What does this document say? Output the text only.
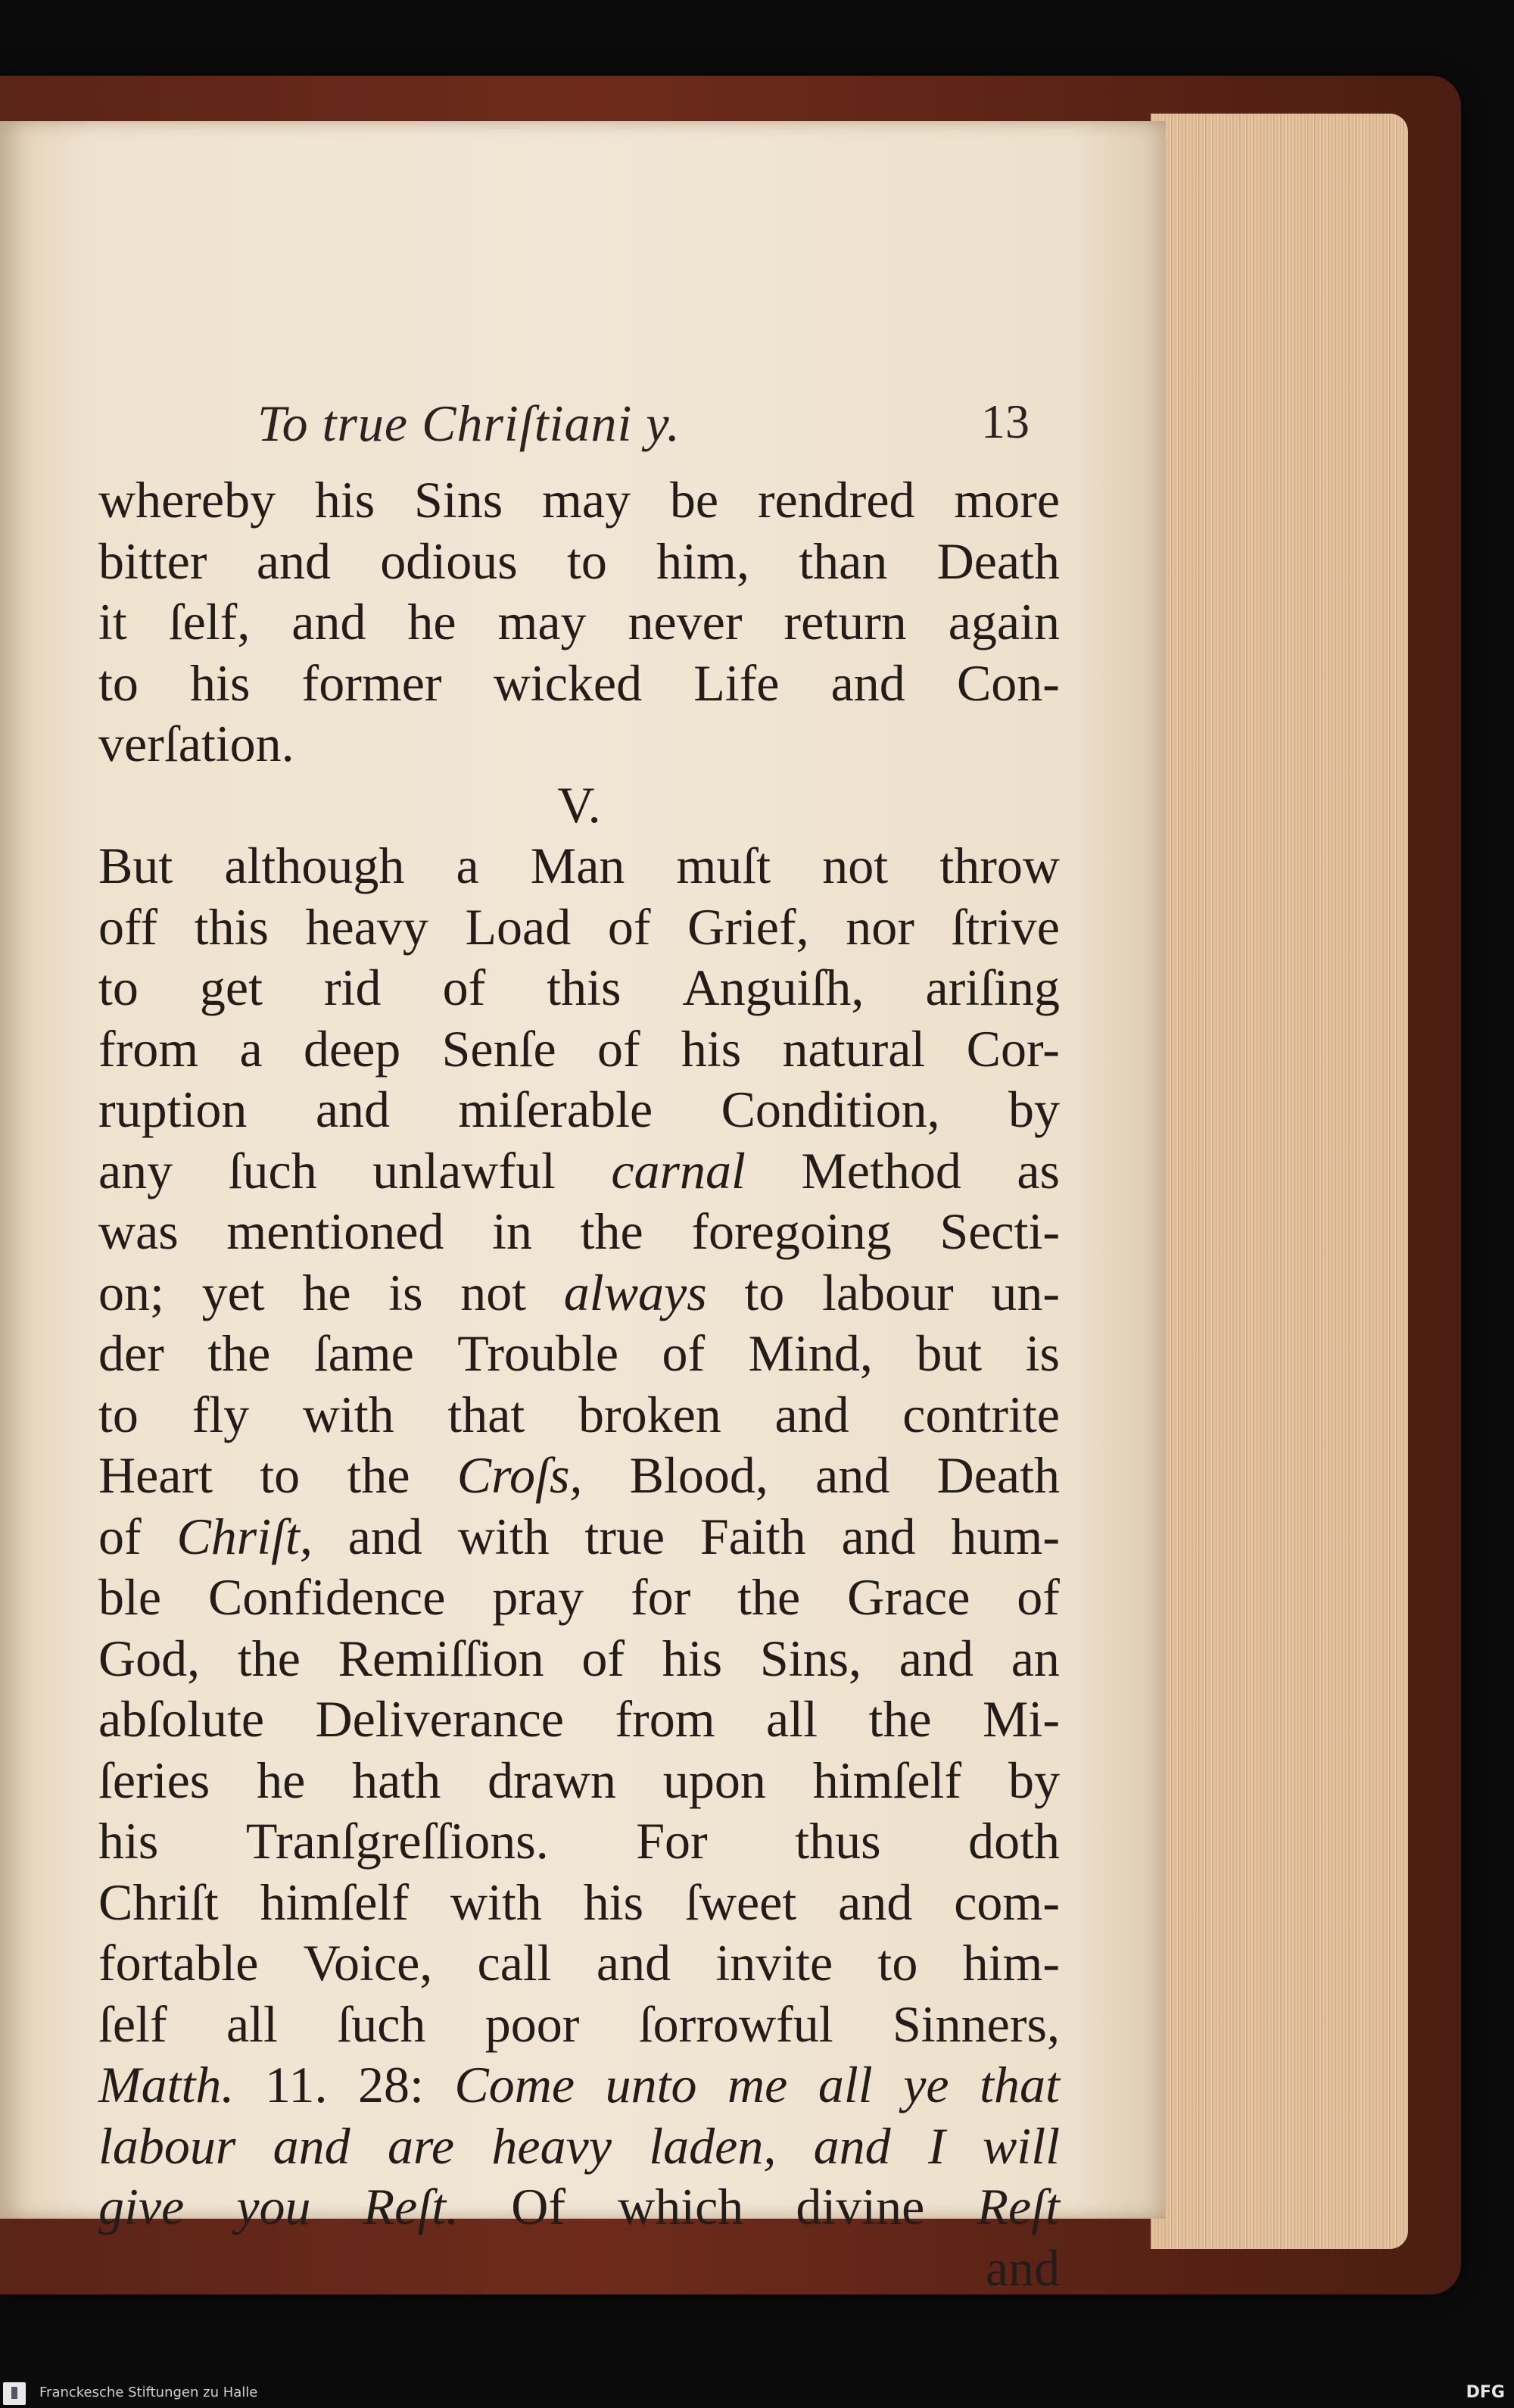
To true Chriſtiani y.	13
whereby his Sins may be rendred more
bitter and odious to him, than Death
it ſelf, and he may never return again
to his former wicked Life and Con-
verſation.
V.
But although a Man muſt not throw
off this heavy Load of Grief, nor ſtrive
to get rid of this Anguiſh, ariſing
from a deep Senſe of his natural Cor-
ruption and miſerable Condition, by
any ſuch unlawful carnal Method as
was mentioned in the foregoing Secti-
on; yet he is not always to labour un-
der the ſame Trouble of Mind, but is
to fly with that broken and contrite
Heart to the Croſs, Blood, and Death
of Chriſt, and with true Faith and hum-
ble Confidence pray for the Grace of
God, the Remiſſion of his Sins, and an
abſolute Deliverance from all the Mi-
ſeries he hath drawn upon himſelf by
his Tranſgreſſions. For thus doth
Chriſt himſelf with his ſweet and com-
fortable Voice, call and invite to him-
ſelf all ſuch poor ſorrowful Sinners,
Matth. 11. 28: Come unto me all ye that
labour and are heavy laden, and I will
give you Reſt. Of which divine Reſt
and
Franckesche Stiftungen zu Halle	DFG
